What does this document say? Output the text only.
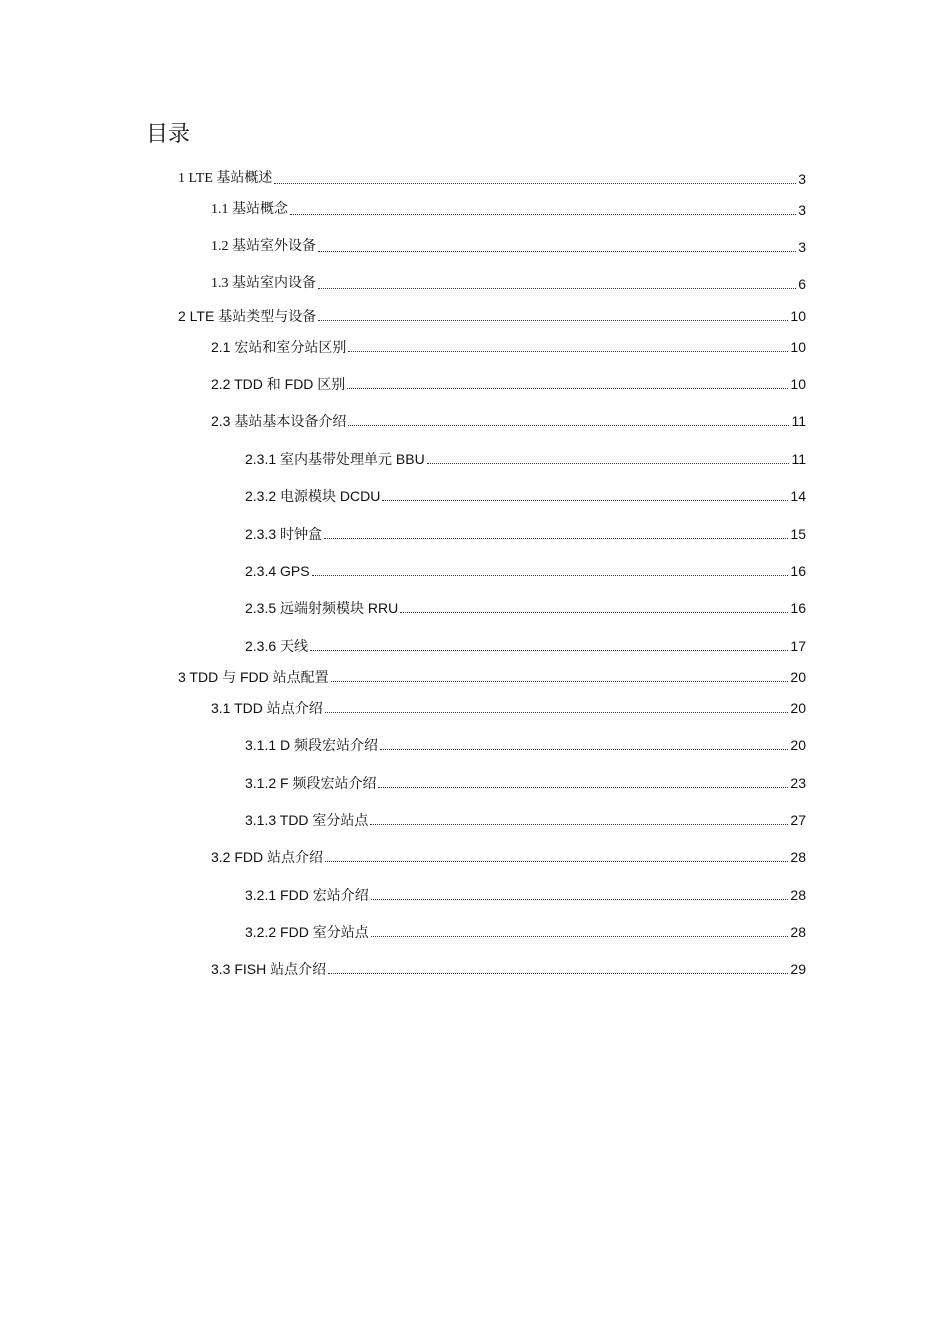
目录
1 LTE 基站概述	3
1.1 基站概念	3
1.2 基站室外设备	3
1.3 基站室内设备	6
2 LTE 基站类型与设备	10
2.1 宏站和室分站区别	10
2.2 TDD 和 FDD 区别	10
2.3 基站基本设备介绍	11
2.3.1 室内基带处理单元 BBU	11
2.3.2 电源模块 DCDU	14
2.3.3 时钟盒	15
2.3.4 GPS	16
2.3.5 远端射频模块 RRU	16
2.3.6 天线	17
3 TDD 与 FDD 站点配置	20
3.1 TDD 站点介绍	20
3.1.1 D 频段宏站介绍	20
3.1.2 F 频段宏站介绍	23
3.1.3 TDD 室分站点	27
3.2 FDD 站点介绍	28
3.2.1 FDD 宏站介绍	28
3.2.2 FDD 室分站点	28
3.3 FISH 站点介绍	29
